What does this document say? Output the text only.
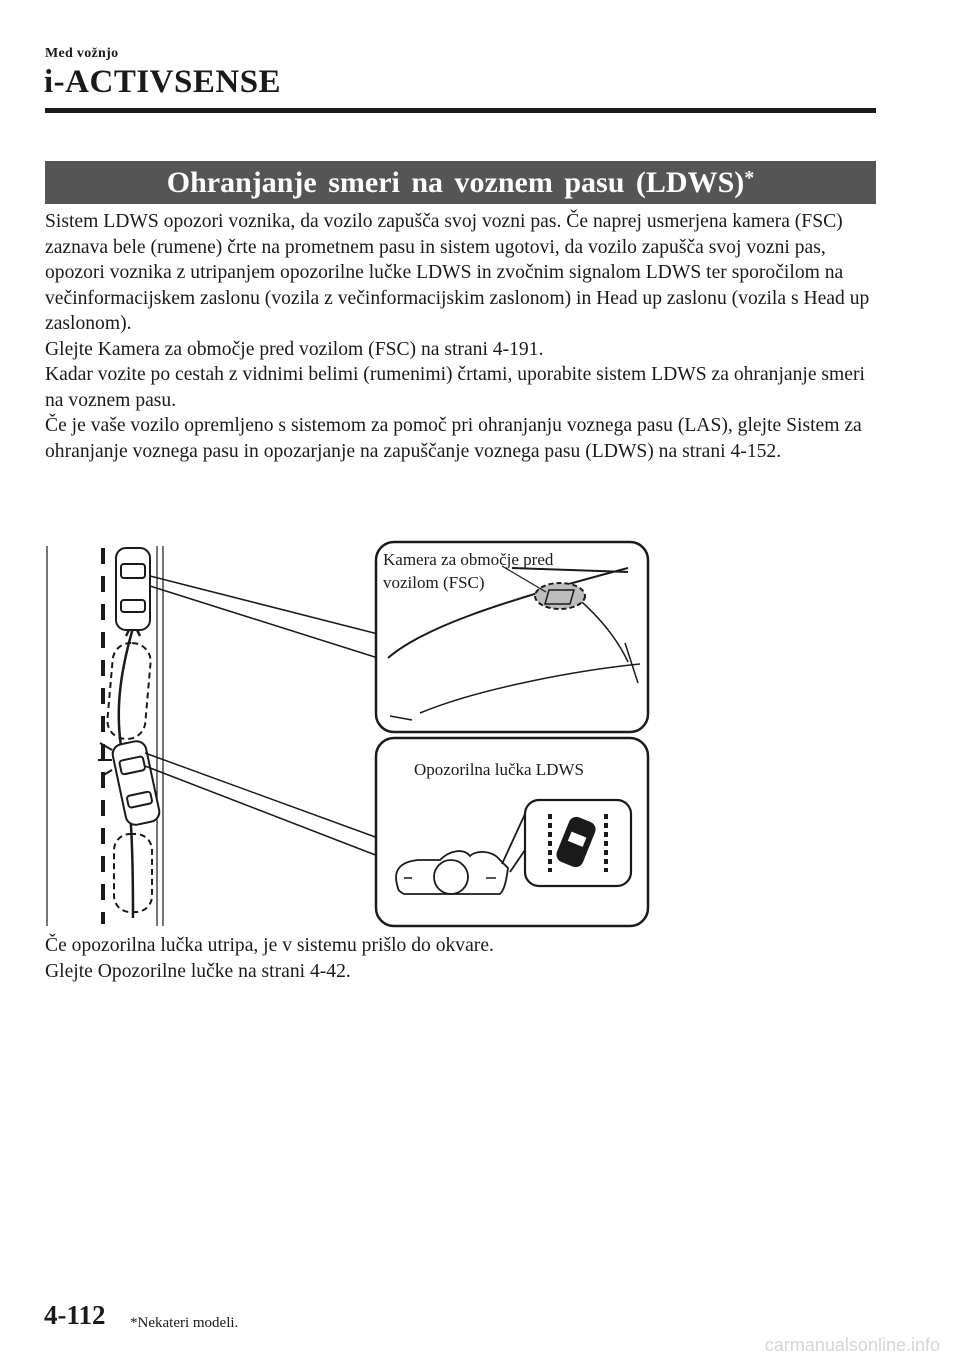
Med vožnjo
i-ACTIVSENSE
Ohranjanje smeri na voznem pasu (LDWS)*

Sistem LDWS opozori voznika, da vozilo zapušča svoj vozni pas. Če naprej usmerjena kamera (FSC) zaznava bele (rumene) črte na prometnem pasu in sistem ugotovi, da vozilo zapušča svoj vozni pas, opozori voznika z utripanjem opozorilne lučke LDWS in zvočnim signalom LDWS ter sporočilom na večinformacijskem zaslonu (vozila z večinformacijskim zaslonom) in Head up zaslonu (vozila s Head up zaslonom).

Glejte Kamera za območje pred vozilom (FSC) na strani 4-191.

Kadar vozite po cestah z vidnimi belimi (rumenimi) črtami, uporabite sistem LDWS za ohranjanje smeri na voznem pasu.

Če je vaše vozilo opremljeno s sistemom za pomoč pri ohranjanju voznega pasu (LAS), glejte Sistem za ohranjanje voznega pasu in opozarjanje na zapuščanje voznega pasu (LDWS) na strani 4-152.

Kamera za območje pred
vozilom (FSC)
Opozorilna lučka LDWS

Če opozorilna lučka utripa, je v sistemu prišlo do okvare.

Glejte Opozorilne lučke na strani 4-42.

4-112 *Nekateri modeli.
carmanualsonline.info
